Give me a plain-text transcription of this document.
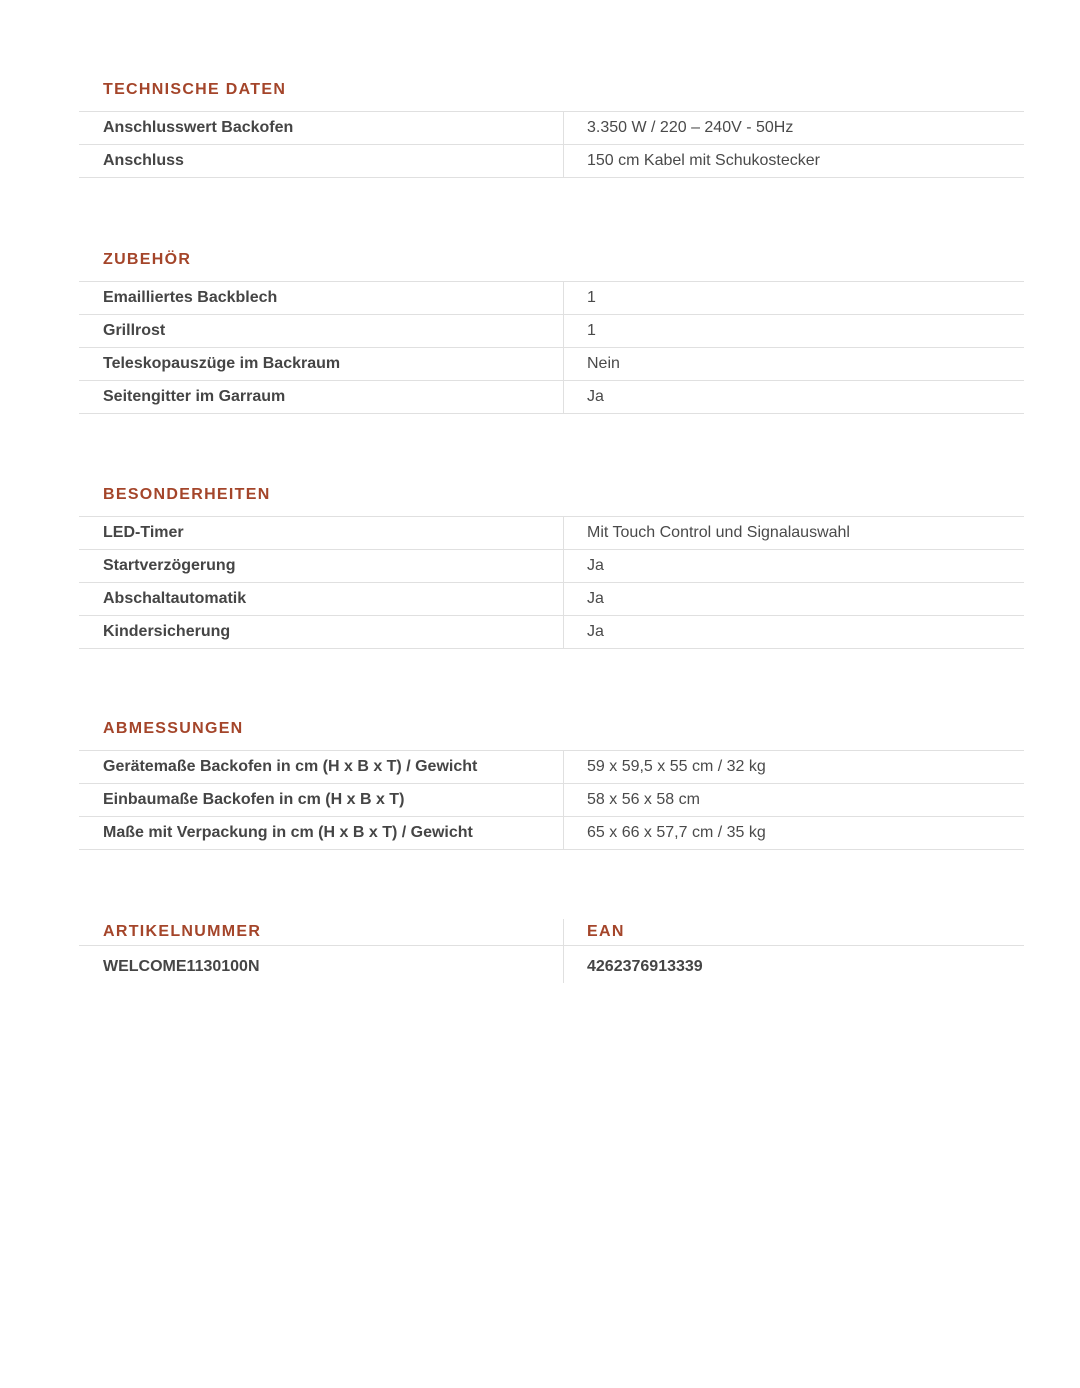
TECHNISCHE DATEN
Anschlusswert Backofen	3.350 W / 220 – 240V - 50Hz
Anschluss	150 cm Kabel mit Schukostecker
ZUBEHÖR
Emailliertes Backblech	1
Grillrost	1
Teleskopauszüge im Backraum	Nein
Seitengitter im Garraum	Ja
BESONDERHEITEN
LED-Timer	Mit Touch Control und Signalauswahl
Startverzögerung	Ja
Abschaltautomatik	Ja
Kindersicherung	Ja
ABMESSUNGEN
Gerätemaße Backofen in cm (H x B x T) / Gewicht	59 x 59,5 x 55 cm / 32 kg
Einbaumaße Backofen in cm (H x B x T)	58 x 56 x 58 cm
Maße mit Verpackung in cm (H x B x T) / Gewicht	65 x 66 x 57,7 cm / 35 kg
ARTIKELNUMMER	EAN
WELCOME1130100N	4262376913339
